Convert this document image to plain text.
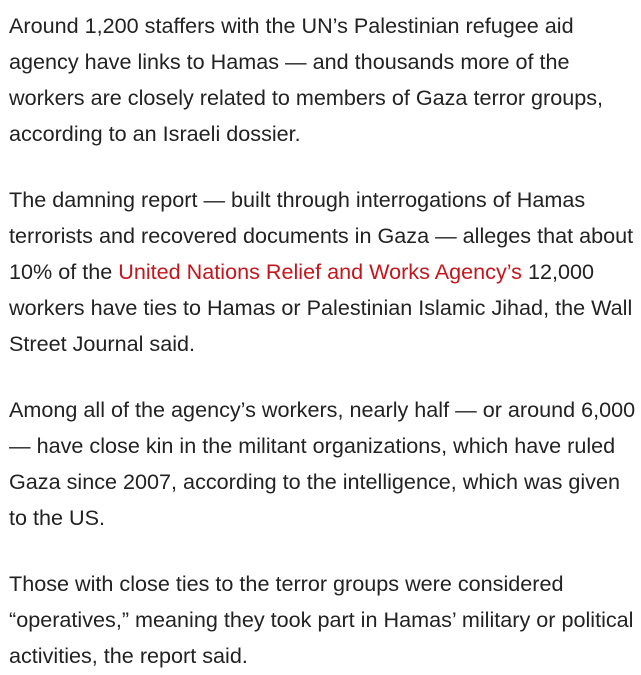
Around 1,200 staffers with the UN’s Palestinian refugee aid agency have links to Hamas — and thousands more of the workers are closely related to members of Gaza terror groups, according to an Israeli dossier.

The damning report — built through interrogations of Hamas terrorists and recovered documents in Gaza — alleges that about 10% of the United Nations Relief and Works Agency’s 12,000 workers have ties to Hamas or Palestinian Islamic Jihad, the Wall Street Journal said.

Among all of the agency’s workers, nearly half — or around 6,000 — have close kin in the militant organizations, which have ruled Gaza since 2007, according to the intelligence, which was given to the US.

Those with close ties to the terror groups were considered “operatives,” meaning they took part in Hamas’ military or political activities, the report said.
